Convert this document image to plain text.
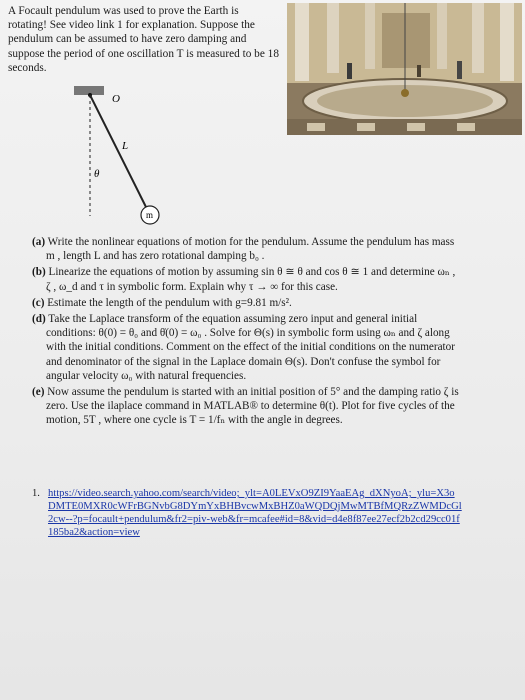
A Focault pendulum was used to prove the Earth is rotating! See video link 1 for explanation. Suppose the pendulum can be assumed to have zero damping and suppose the period of one oscillation T is measured to be 18 seconds.

O
L
θ
m

(a) Write the nonlinear equations of motion for the pendulum. Assume the pendulum has mass m , length L and has zero rotational damping b₀ .

(b) Linearize the equations of motion by assuming sin θ ≅ θ and cos θ ≅ 1 and determine ωₙ , ζ , ω_d and τ in symbolic form. Explain why τ → ∞ for this case.

(c) Estimate the length of the pendulum with g=9.81 m/s².

(d) Take the Laplace transform of the equation assuming zero input and general initial conditions: θ(0) = θ₀ and θ̇(0) = ω₀ . Solve for Θ(s) in symbolic form using ωₙ and ζ along with the initial conditions. Comment on the effect of the initial conditions on the numerator and denominator of the signal in the Laplace domain Θ(s). Don't confuse the symbol for angular velocity ω₀ with natural frequencies.

(e) Now assume the pendulum is started with an initial position of 5° and the damping ratio ζ is zero. Use the ilaplace command in MATLAB® to determine θ(t). Plot for five cycles of the motion, 5T , where one cycle is T = 1/fₙ with the angle in degrees.

1. https://video.search.yahoo.com/search/video;_ylt=A0LEVxO9ZI9YaaEAg_dXNyoA;_ylu=X3oDMTE0MXR0cWFrBGNvbG8DYmYxBHBvcwMxBHZ0aWQDQjMwMTBfMQRzZWMDcGl2cw--?p=focault+pendulum&fr2=piv-web&fr=mcafee#id=8&vid=d4e8f87ee27ecf2b2cd29cc01f185ba2&action=view
